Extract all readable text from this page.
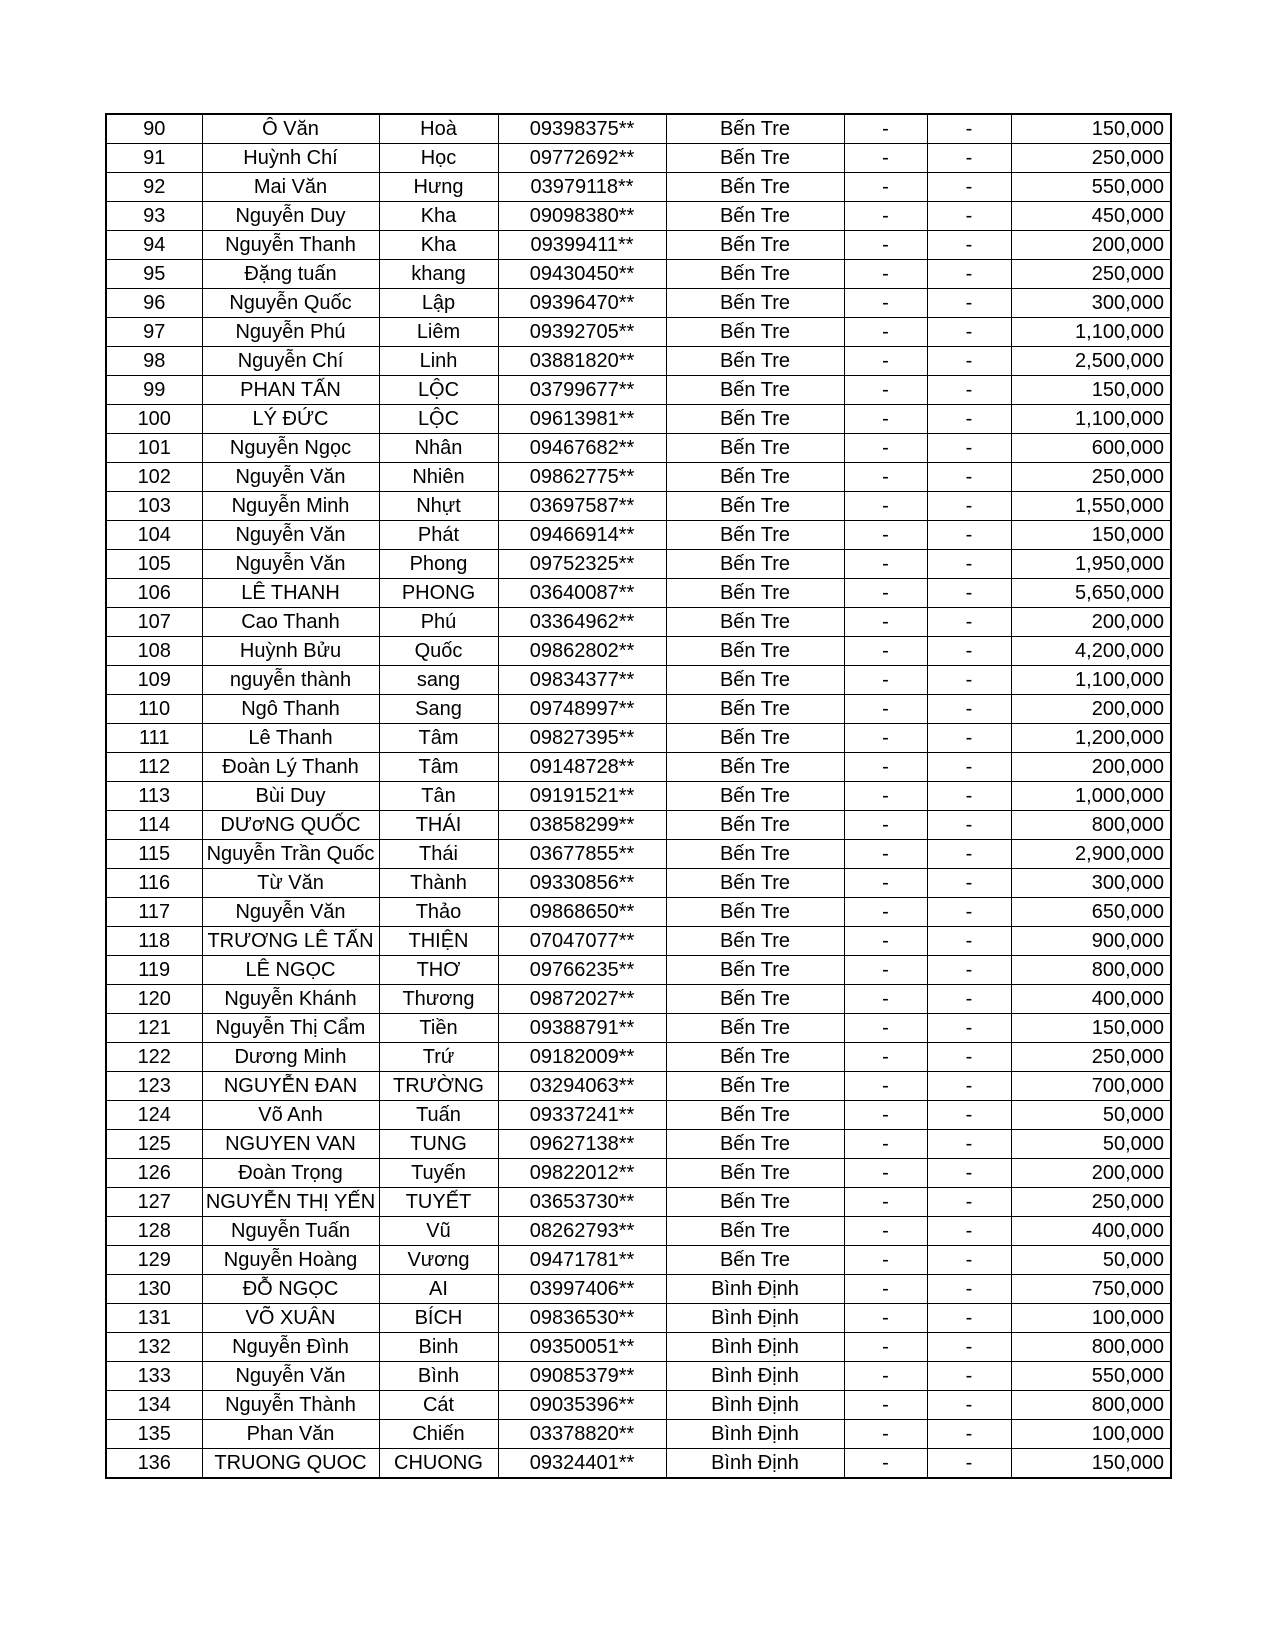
90	Ô Văn	Hoà	09398375**	Bến Tre	-	-	150,000
91	Huỳnh Chí	Học	09772692**	Bến Tre	-	-	250,000
92	Mai Văn	Hưng	03979118**	Bến Tre	-	-	550,000
93	Nguyễn Duy	Kha	09098380**	Bến Tre	-	-	450,000
94	Nguyễn Thanh	Kha	09399411**	Bến Tre	-	-	200,000
95	Đặng tuấn	khang	09430450**	Bến Tre	-	-	250,000
96	Nguyễn Quốc	Lập	09396470**	Bến Tre	-	-	300,000
97	Nguyễn Phú	Liêm	09392705**	Bến Tre	-	-	1,100,000
98	Nguyễn Chí	Linh	03881820**	Bến Tre	-	-	2,500,000
99	PHAN TẤN	LỘC	03799677**	Bến Tre	-	-	150,000
100	LÝ ĐỨC	LỘC	09613981**	Bến Tre	-	-	1,100,000
101	Nguyễn Ngọc	Nhân	09467682**	Bến Tre	-	-	600,000
102	Nguyễn Văn	Nhiên	09862775**	Bến Tre	-	-	250,000
103	Nguyễn Minh	Nhựt	03697587**	Bến Tre	-	-	1,550,000
104	Nguyễn Văn	Phát	09466914**	Bến Tre	-	-	150,000
105	Nguyễn Văn	Phong	09752325**	Bến Tre	-	-	1,950,000
106	LÊ THANH	PHONG	03640087**	Bến Tre	-	-	5,650,000
107	Cao Thanh	Phú	03364962**	Bến Tre	-	-	200,000
108	Huỳnh Bửu	Quốc	09862802**	Bến Tre	-	-	4,200,000
109	nguyễn thành	sang	09834377**	Bến Tre	-	-	1,100,000
110	Ngô Thanh	Sang	09748997**	Bến Tre	-	-	200,000
111	Lê Thanh	Tâm	09827395**	Bến Tre	-	-	1,200,000
112	Đoàn Lý Thanh	Tâm	09148728**	Bến Tre	-	-	200,000
113	Bùi Duy	Tân	09191521**	Bến Tre	-	-	1,000,000
114	DƯơNG QUỐC	THÁI	03858299**	Bến Tre	-	-	800,000
115	Nguyễn Trần Quốc	Thái	03677855**	Bến Tre	-	-	2,900,000
116	Từ Văn	Thành	09330856**	Bến Tre	-	-	300,000
117	Nguyễn Văn	Thảo	09868650**	Bến Tre	-	-	650,000
118	TRƯƠNG LÊ TẤN	THIỆN	07047077**	Bến Tre	-	-	900,000
119	LÊ NGỌC	THƠ	09766235**	Bến Tre	-	-	800,000
120	Nguyễn Khánh	Thương	09872027**	Bến Tre	-	-	400,000
121	Nguyễn Thị Cẩm	Tiền	09388791**	Bến Tre	-	-	150,000
122	Dương Minh	Trứ	09182009**	Bến Tre	-	-	250,000
123	NGUYỄN ĐAN	TRƯỜNG	03294063**	Bến Tre	-	-	700,000
124	Võ Anh	Tuấn	09337241**	Bến Tre	-	-	50,000
125	NGUYEN VAN	TUNG	09627138**	Bến Tre	-	-	50,000
126	Đoàn Trọng	Tuyến	09822012**	Bến Tre	-	-	200,000
127	NGUYỄN THỊ YẾN	TUYẾT	03653730**	Bến Tre	-	-	250,000
128	Nguyễn Tuấn	Vũ	08262793**	Bến Tre	-	-	400,000
129	Nguyễn Hoàng	Vương	09471781**	Bến Tre	-	-	50,000
130	ĐỖ NGỌC	AI	03997406**	Bình Định	-	-	750,000
131	VÕ XUÂN	BÍCH	09836530**	Bình Định	-	-	100,000
132	Nguyễn Đình	Binh	09350051**	Bình Định	-	-	800,000
133	Nguyễn Văn	Bình	09085379**	Bình Định	-	-	550,000
134	Nguyễn Thành	Cát	09035396**	Bình Định	-	-	800,000
135	Phan Văn	Chiến	03378820**	Bình Định	-	-	100,000
136	TRUONG QUOC	CHUONG	09324401**	Bình Định	-	-	150,000
